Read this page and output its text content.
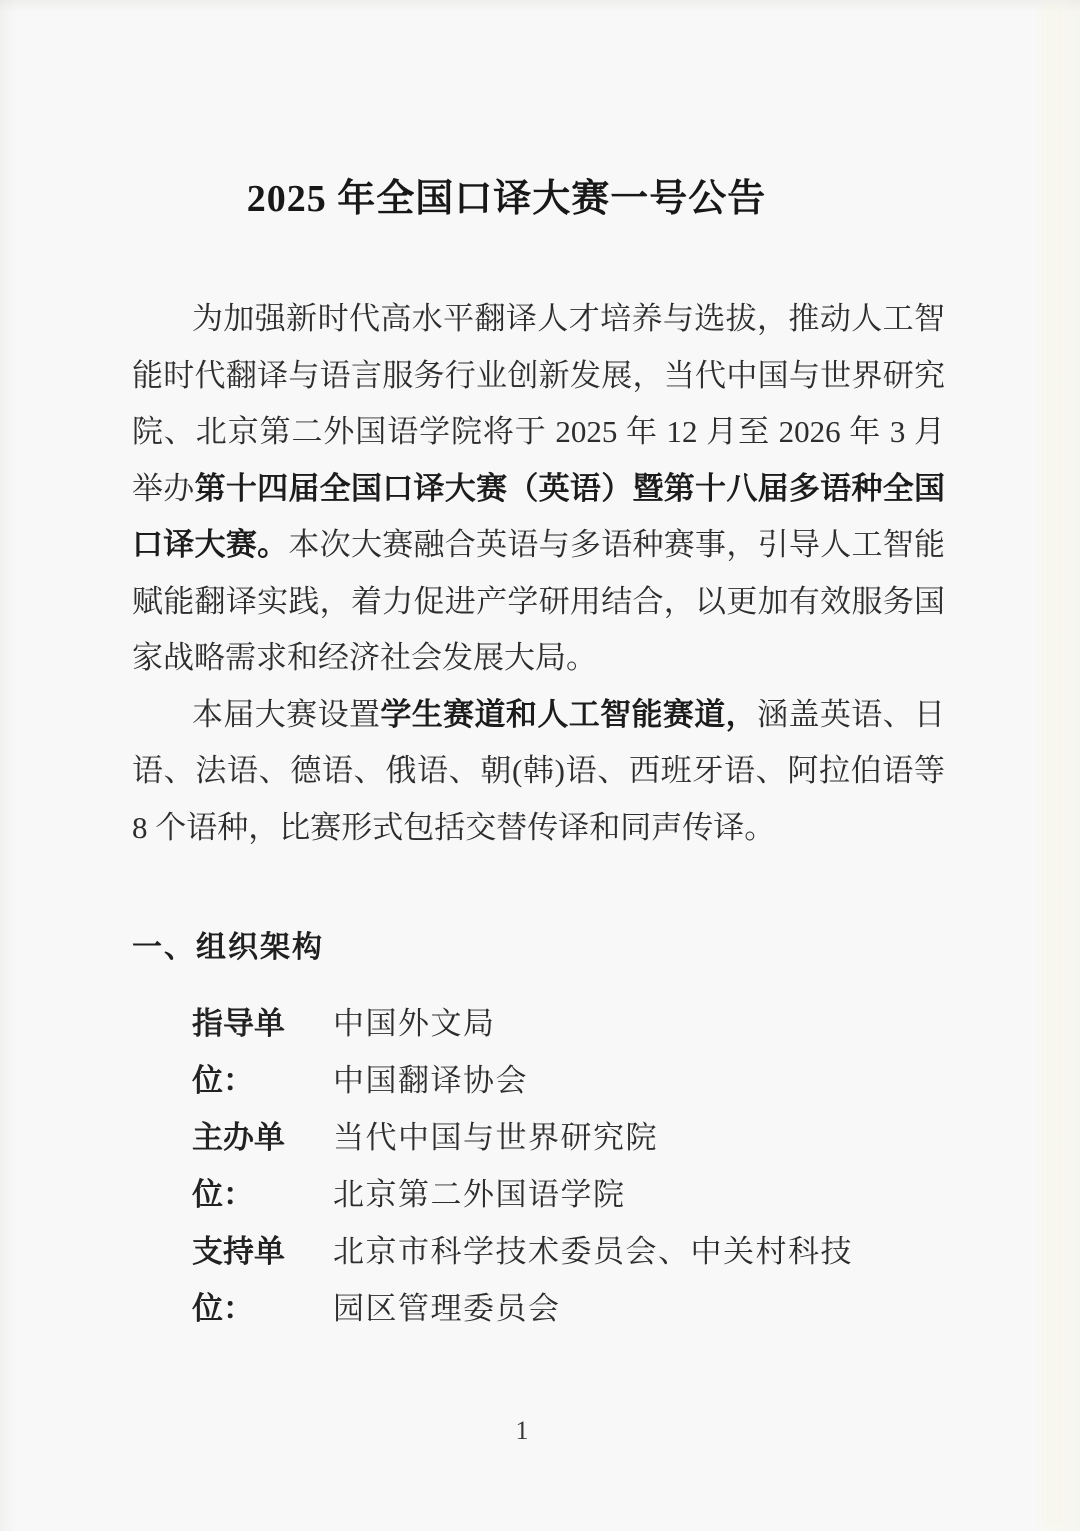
2025 年全国口译大赛一号公告

为加强新时代高水平翻译人才培养与选拔，推动人工智能时代翻译与语言服务行业创新发展，当代中国与世界研究院、北京第二外国语学院将于 2025 年 12 月至 2026 年 3 月举办第十四届全国口译大赛（英语）暨第十八届多语种全国口译大赛。本次大赛融合英语与多语种赛事，引导人工智能赋能翻译实践，着力促进产学研用结合，以更加有效服务国家战略需求和经济社会发展大局。

本届大赛设置学生赛道和人工智能赛道，涵盖英语、日语、法语、德语、俄语、朝(韩)语、西班牙语、阿拉伯语等 8 个语种，比赛形式包括交替传译和同声传译。

一、组织架构
指导单位：
中国外文局
中国翻译协会
主办单位：
当代中国与世界研究院
北京第二外国语学院
支持单位：
北京市科学技术委员会、中关村科技
园区管理委员会
1
